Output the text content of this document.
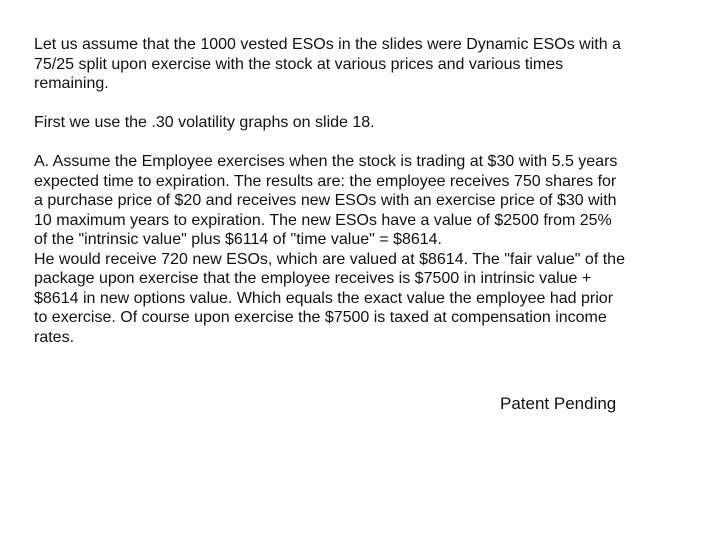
Let us assume that the 1000 vested ESOs in the slides were Dynamic ESOs with a
75/25 split upon exercise with the stock at various prices and various times
remaining.
First we use the .30 volatility graphs on slide 18.
A. Assume the Employee exercises when the stock is trading at $30 with 5.5 years
expected time to expiration. The results are: the employee receives 750 shares for
a purchase price of $20 and receives new ESOs with an exercise price of $30 with
10 maximum years to expiration. The new ESOs have a value of $2500 from 25%
of the "intrinsic value" plus $6114 of "time value" = $8614.
He would receive 720 new ESOs, which are valued at $8614. The "fair value" of the
package upon exercise that the employee receives is $7500 in intrinsic value +
$8614 in new options value. Which equals the exact value the employee had prior
to exercise. Of course upon exercise the $7500 is taxed at compensation income
rates.
Patent Pending
